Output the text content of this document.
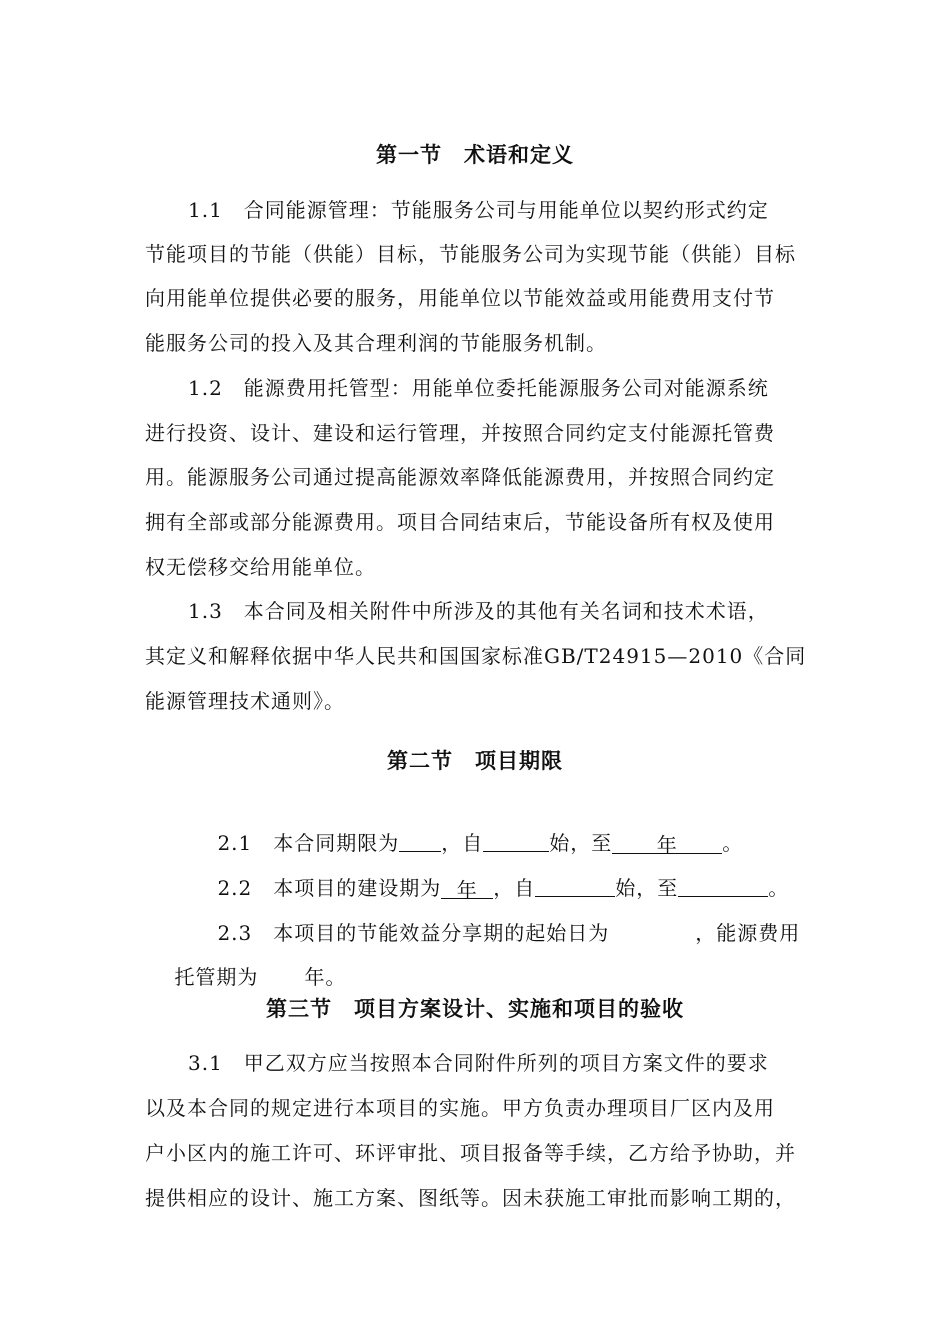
第一节　术语和定义
1.1　合同能源管理：节能服务公司与用能单位以契约形式约定
节能项目的节能（供能）目标，节能服务公司为实现节能（供能）目标
向用能单位提供必要的服务，用能单位以节能效益或用能费用支付节
能服务公司的投入及其合理利润的节能服务机制。
1.2　能源费用托管型：用能单位委托能源服务公司对能源系统
进行投资、设计、建设和运行管理，并按照合同约定支付能源托管费
用。能源服务公司通过提高能源效率降低能源费用，并按照合同约定
拥有全部或部分能源费用。项目合同结束后，节能设备所有权及使用
权无偿移交给用能单位。
1.3　本合同及相关附件中所涉及的其他有关名词和技术术语，
其定义和解释依据中华人民共和国国家标准GB/T24915—2010《合同
能源管理技术通则》。
第二节　项目期限

2.1　本合同期限为 ，自	始，至 年 。

2.2　本项目的建设期为 年 ，自	始，至	。

2.3　本项目的节能效益分享期的起始日为	，能源费用

托管期为 年。

第三节　项目方案设计、实施和项目的验收
3.1　甲乙双方应当按照本合同附件所列的项目方案文件的要求
以及本合同的规定进行本项目的实施。甲方负责办理项目厂区内及用
户小区内的施工许可、环评审批、项目报备等手续，乙方给予协助，并
提供相应的设计、施工方案、图纸等。因未获施工审批而影响工期的，
